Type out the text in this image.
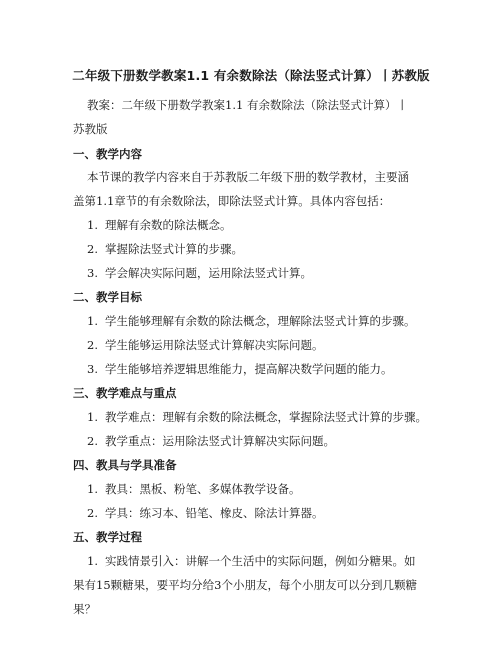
二年级下册数学教案1.1 有余数除法（除法竖式计算）丨苏教版
教案：二年级下册数学教案1.1 有余数除法（除法竖式计算）丨
苏教版
一、教学内容
本节课的教学内容来自于苏教版二年级下册的数学教材，主要涵
盖第1.1章节的有余数除法，即除法竖式计算。具体内容包括：
1. 理解有余数的除法概念。
2. 掌握除法竖式计算的步骤。
3. 学会解决实际问题，运用除法竖式计算。
二、教学目标
1. 学生能够理解有余数的除法概念，理解除法竖式计算的步骤。
2. 学生能够运用除法竖式计算解决实际问题。
3. 学生能够培养逻辑思维能力，提高解决数学问题的能力。
三、教学难点与重点
1. 教学难点：理解有余数的除法概念，掌握除法竖式计算的步骤。
2. 教学重点：运用除法竖式计算解决实际问题。
四、教具与学具准备
1. 教具：黑板、粉笔、多媒体教学设备。
2. 学具：练习本、铅笔、橡皮、除法计算器。
五、教学过程
1. 实践情景引入：讲解一个生活中的实际问题，例如分糖果。如
果有15颗糖果，要平均分给3个小朋友，每个小朋友可以分到几颗糖
果？
